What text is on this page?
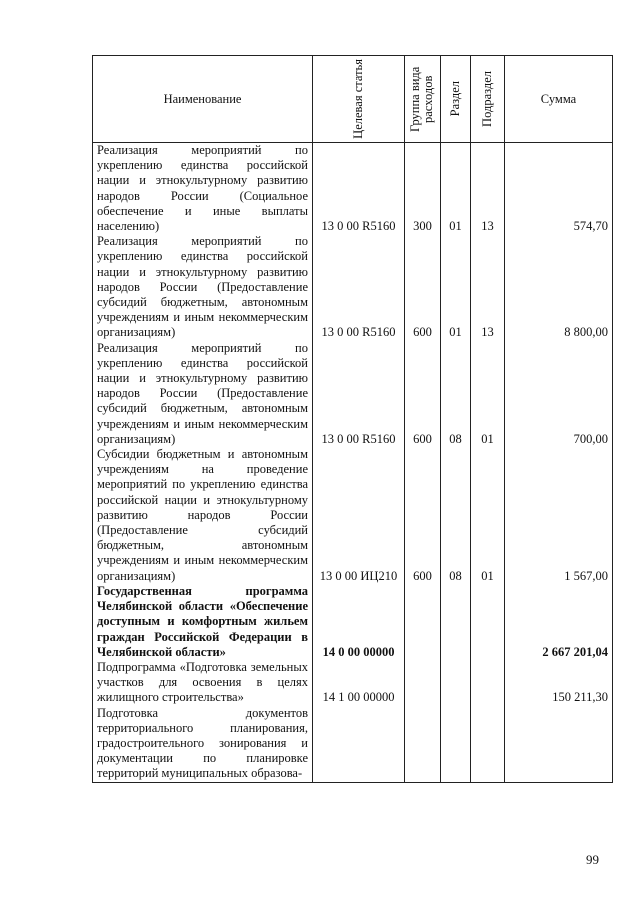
Наименование	Целевая статья	Группа вида расходов	Раздел	Подраздел	Сумма
Реализация мероприятий по укреплению единства российской нации и этнокультурному развитию народов России (Социальное обеспечение и иные выплаты населению)	13 0 00 R5160	300	01	13	574,70
Реализация мероприятий по укреплению единства российской нации и этнокультурному развитию народов России (Предоставление субсидий бюджетным, автономным учреждениям и иным некоммерческим организациям)	13 0 00 R5160	600	01	13	8 800,00
Реализация мероприятий по укреплению единства российской нации и этнокультурному развитию народов России (Предоставление субсидий бюджетным, автономным учреждениям и иным некоммерческим организациям)	13 0 00 R5160	600	08	01	700,00
Субсидии бюджетным и автономным учреждениям на проведение мероприятий по укреплению единства российской нации и этнокультурному развитию народов России (Предоставление субсидий бюджетным, автономным учреждениям и иным некоммерческим организациям)	13 0 00 ИЦ210	600	08	01	1 567,00
Государственная программа Челябинской области «Обеспечение доступным и комфортным жильем граждан Российской Федерации в Челябинской области»	14 0 00 00000				2 667 201,04
Подпрограмма «Подготовка земельных участков для освоения в целях жилищного строительства»	14 1 00 00000				150 211,30
Подготовка документов территориального планирования, градостроительного зонирования и документации по планировке территорий муниципальных образова-					
99
